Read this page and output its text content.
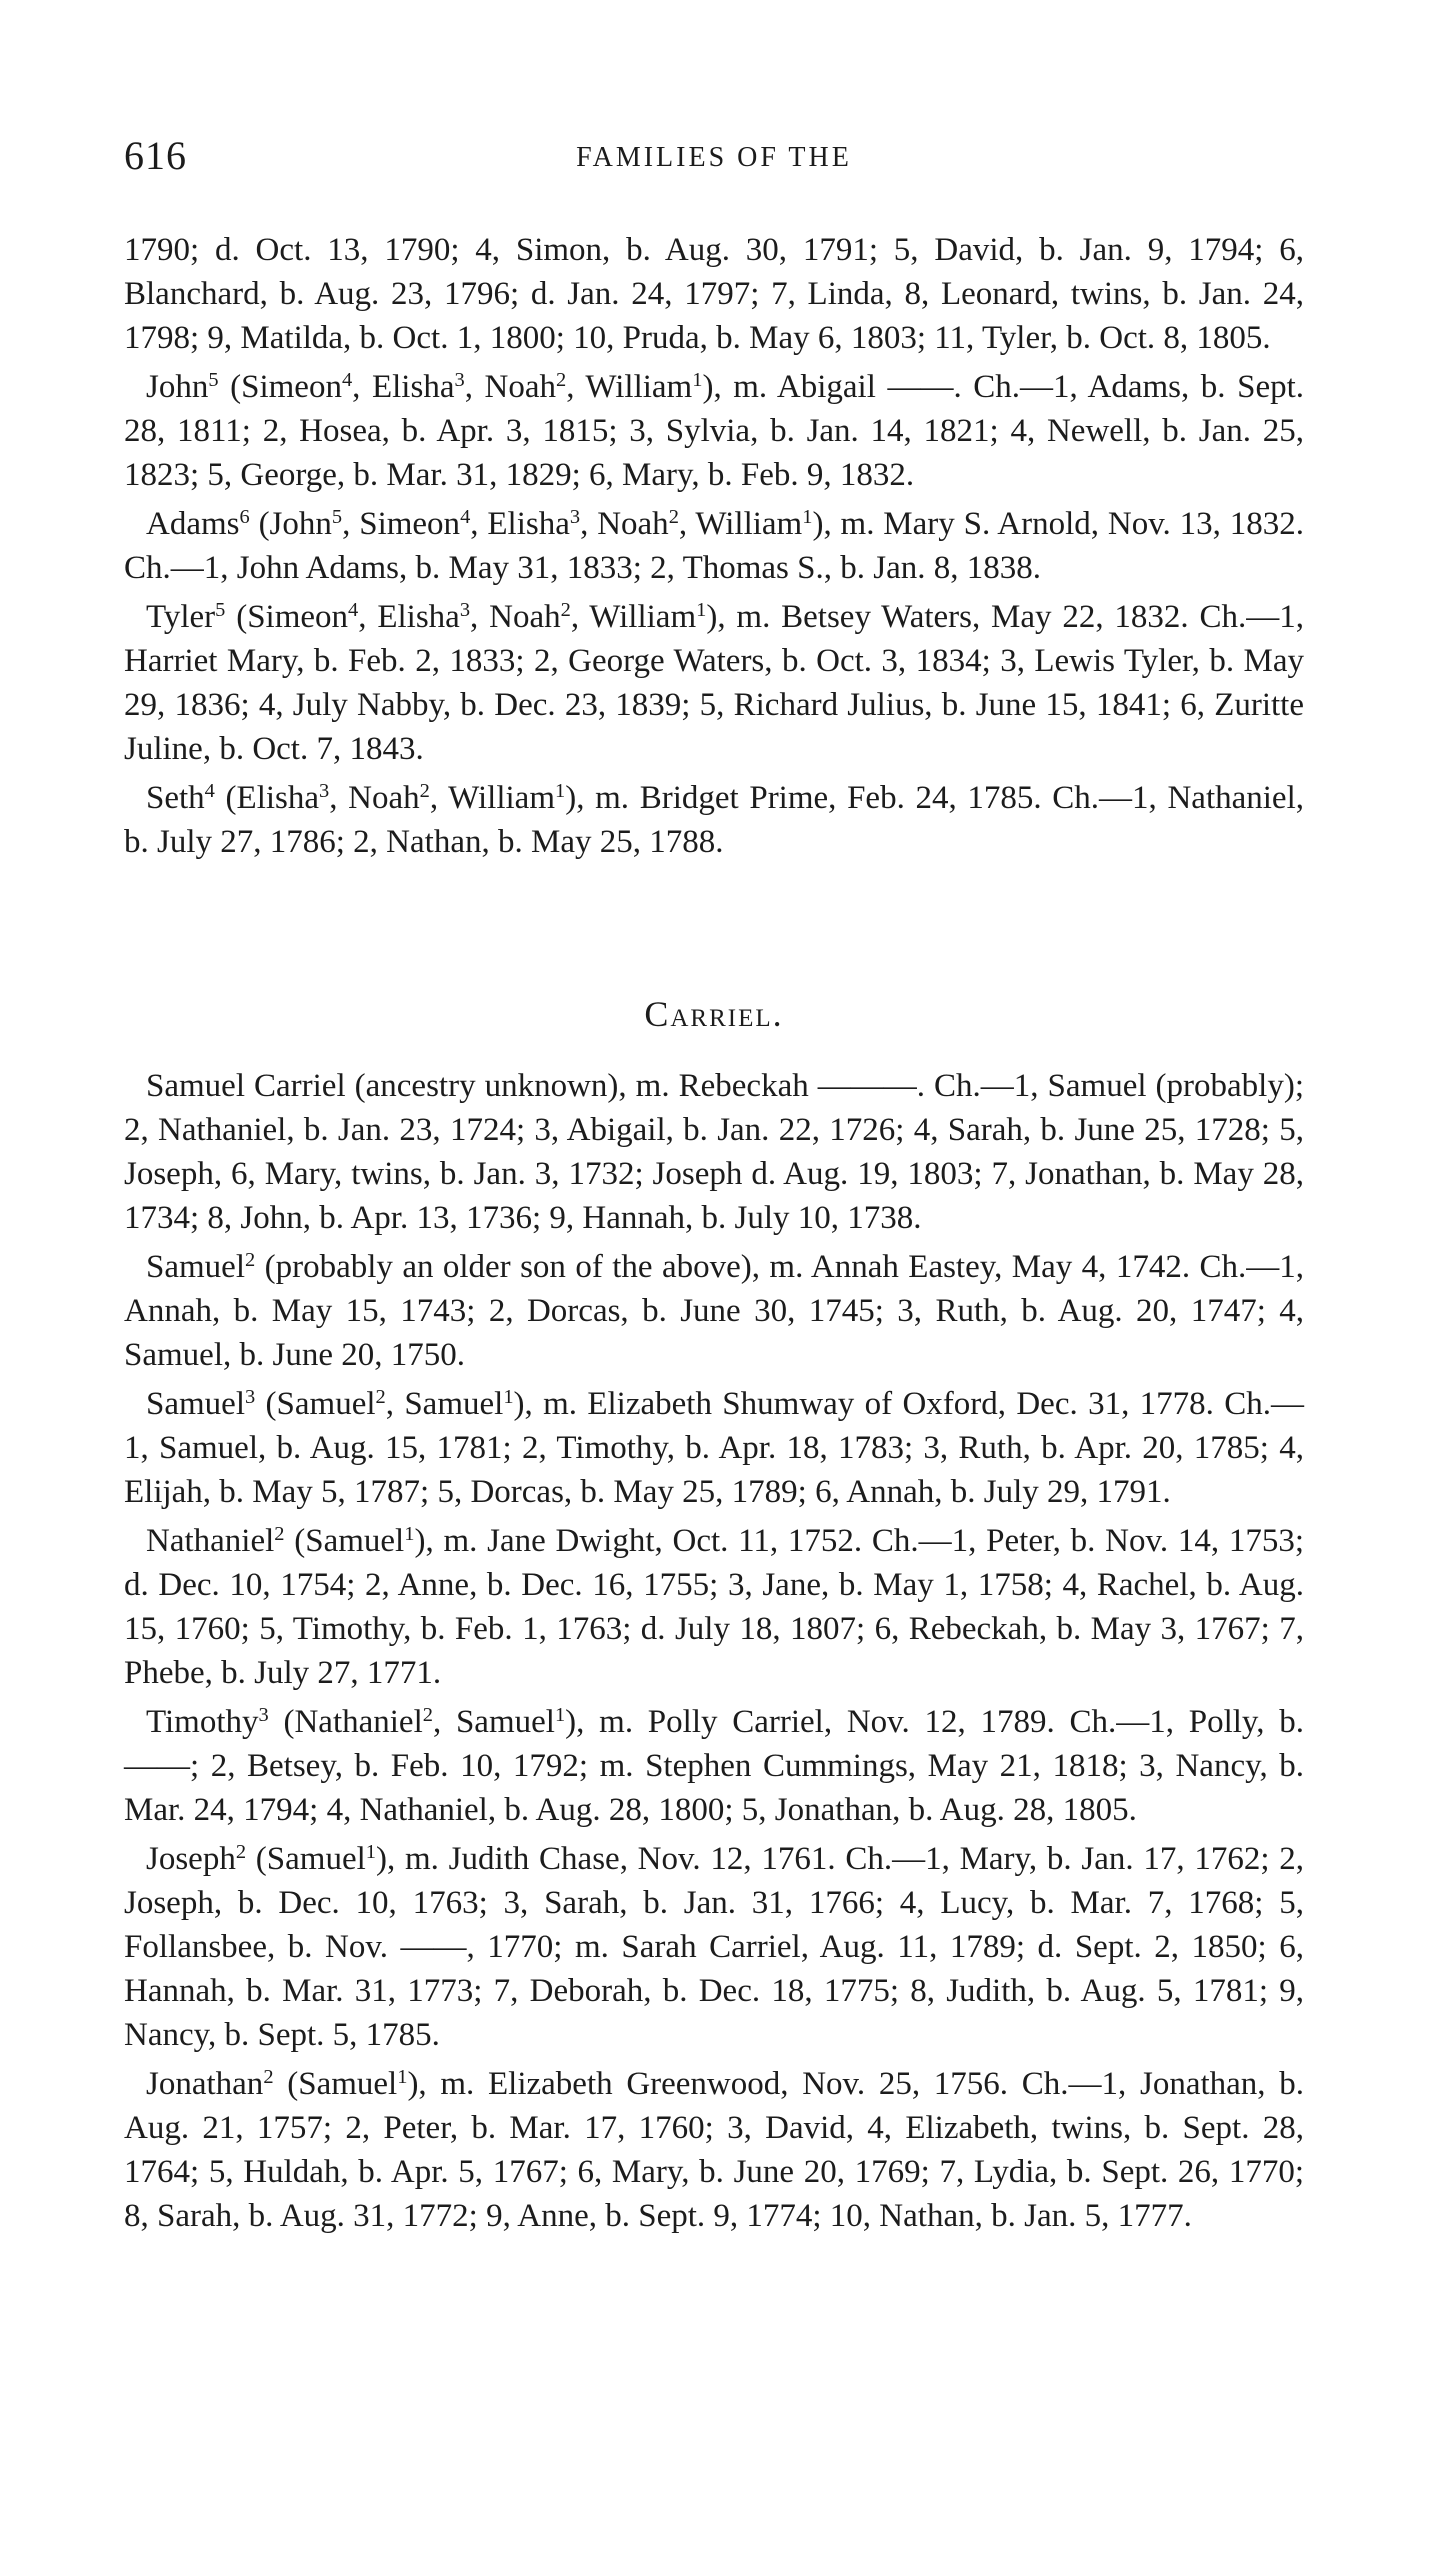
616	FAMILIES OF THE

1790; d. Oct. 13, 1790; 4, Simon, b. Aug. 30, 1791; 5, David, b. Jan. 9, 1794; 6, Blanchard, b. Aug. 23, 1796; d. Jan. 24, 1797; 7, Linda, 8, Leonard, twins, b. Jan. 24, 1798; 9, Matilda, b. Oct. 1, 1800; 10, Pruda, b. May 6, 1803; 11, Tyler, b. Oct. 8, 1805.

John$^5$ (Simeon$^4$, Elisha$^3$, Noah$^2$, William$^1$), m. Abigail ——. Ch.—1, Adams, b. Sept. 28, 1811; 2, Hosea, b. Apr. 3, 1815; 3, Sylvia, b. Jan. 14, 1821; 4, Newell, b. Jan. 25, 1823; 5, George, b. Mar. 31, 1829; 6, Mary, b. Feb. 9, 1832.

Adams$^6$ (John$^5$, Simeon$^4$, Elisha$^3$, Noah$^2$, William$^1$), m. Mary S. Arnold, Nov. 13, 1832. Ch.—1, John Adams, b. May 31, 1833; 2, Thomas S., b. Jan. 8, 1838.

Tyler$^5$ (Simeon$^4$, Elisha$^3$, Noah$^2$, William$^1$), m. Betsey Waters, May 22, 1832. Ch.—1, Harriet Mary, b. Feb. 2, 1833; 2, George Waters, b. Oct. 3, 1834; 3, Lewis Tyler, b. May 29, 1836; 4, July Nabby, b. Dec. 23, 1839; 5, Richard Julius, b. June 15, 1841; 6, Zuritte Juline, b. Oct. 7, 1843.

Seth$^4$ (Elisha$^3$, Noah$^2$, William$^1$), m. Bridget Prime, Feb. 24, 1785. Ch.—1, Nathaniel, b. July 27, 1786; 2, Nathan, b. May 25, 1788.

Carriel.

Samuel Carriel (ancestry unknown), m. Rebeckah ———. Ch.—1, Samuel (probably); 2, Nathaniel, b. Jan. 23, 1724; 3, Abigail, b. Jan. 22, 1726; 4, Sarah, b. June 25, 1728; 5, Joseph, 6, Mary, twins, b. Jan. 3, 1732; Joseph d. Aug. 19, 1803; 7, Jonathan, b. May 28, 1734; 8, John, b. Apr. 13, 1736; 9, Hannah, b. July 10, 1738.

Samuel$^2$ (probably an older son of the above), m. Annah Eastey, May 4, 1742. Ch.—1, Annah, b. May 15, 1743; 2, Dorcas, b. June 30, 1745; 3, Ruth, b. Aug. 20, 1747; 4, Samuel, b. June 20, 1750.

Samuel$^3$ (Samuel$^2$, Samuel$^1$), m. Elizabeth Shumway of Oxford, Dec. 31, 1778. Ch.—1, Samuel, b. Aug. 15, 1781; 2, Timothy, b. Apr. 18, 1783; 3, Ruth, b. Apr. 20, 1785; 4, Elijah, b. May 5, 1787; 5, Dorcas, b. May 25, 1789; 6, Annah, b. July 29, 1791.

Nathaniel$^2$ (Samuel$^1$), m. Jane Dwight, Oct. 11, 1752. Ch.—1, Peter, b. Nov. 14, 1753; d. Dec. 10, 1754; 2, Anne, b. Dec. 16, 1755; 3, Jane, b. May 1, 1758; 4, Rachel, b. Aug. 15, 1760; 5, Timothy, b. Feb. 1, 1763; d. July 18, 1807; 6, Rebeckah, b. May 3, 1767; 7, Phebe, b. July 27, 1771.

Timothy$^3$ (Nathaniel$^2$, Samuel$^1$), m. Polly Carriel, Nov. 12, 1789. Ch.—1, Polly, b. ——; 2, Betsey, b. Feb. 10, 1792; m. Stephen Cummings, May 21, 1818; 3, Nancy, b. Mar. 24, 1794; 4, Nathaniel, b. Aug. 28, 1800; 5, Jonathan, b. Aug. 28, 1805.

Joseph$^2$ (Samuel$^1$), m. Judith Chase, Nov. 12, 1761. Ch.—1, Mary, b. Jan. 17, 1762; 2, Joseph, b. Dec. 10, 1763; 3, Sarah, b. Jan. 31, 1766; 4, Lucy, b. Mar. 7, 1768; 5, Follansbee, b. Nov. ——, 1770; m. Sarah Carriel, Aug. 11, 1789; d. Sept. 2, 1850; 6, Hannah, b. Mar. 31, 1773; 7, Deborah, b. Dec. 18, 1775; 8, Judith, b. Aug. 5, 1781; 9, Nancy, b. Sept. 5, 1785.

Jonathan$^2$ (Samuel$^1$), m. Elizabeth Greenwood, Nov. 25, 1756. Ch.—1, Jonathan, b. Aug. 21, 1757; 2, Peter, b. Mar. 17, 1760; 3, David, 4, Elizabeth, twins, b. Sept. 28, 1764; 5, Huldah, b. Apr. 5, 1767; 6, Mary, b. June 20, 1769; 7, Lydia, b. Sept. 26, 1770; 8, Sarah, b. Aug. 31, 1772; 9, Anne, b. Sept. 9, 1774; 10, Nathan, b. Jan. 5, 1777.
